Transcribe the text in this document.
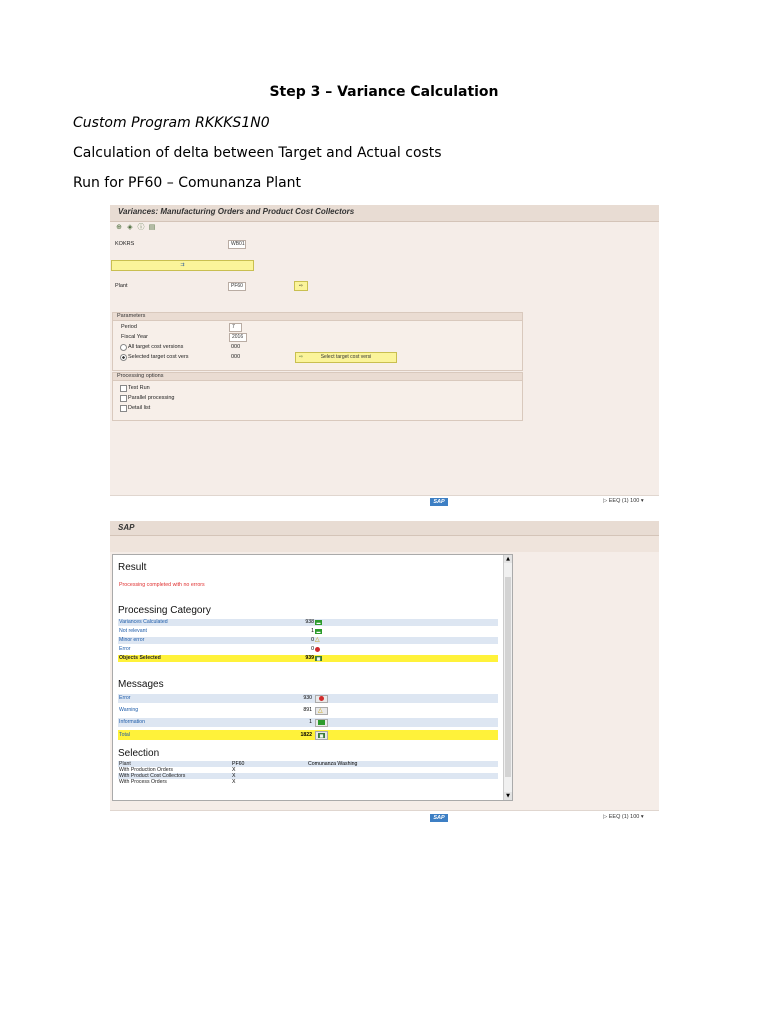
Step 3 – Variance Calculation
Custom Program RKKKS1N0
Calculation of delta between Target and Actual costs
Run for PF60 – Comunanza Plant
Variances: Manufacturing Orders and Product Cost Collectors
⊕ ◈ ⓘ ▤
KOKRS	WB01
⇉
Plant	PF60	⇨
Parameters
Period	7
Fiscal Year	2016
All target cost versions	000
Selected target cost vers	000	⇨	Select target cost versi
Processing options
Test Run
Parallel processing
Detail list
SAP	▷ EEQ (1) 100 ▾
SAP
Result
Processing completed with no errors
Processing Category
Variances Calculated	938 ▬
Not relevant	1 ▬
Minor error	0 △
Error	0
Objects Selected	939 ▦
Messages
Error	930
Warning	891 △
Information	1
Total	1822	▦
Selection
Plant	PF60	Comunanza Washing
With Production Orders	X
With Product Cost Collectors	X
With Process Orders	X
▲
▼
SAP	▷ EEQ (1) 100 ▾
